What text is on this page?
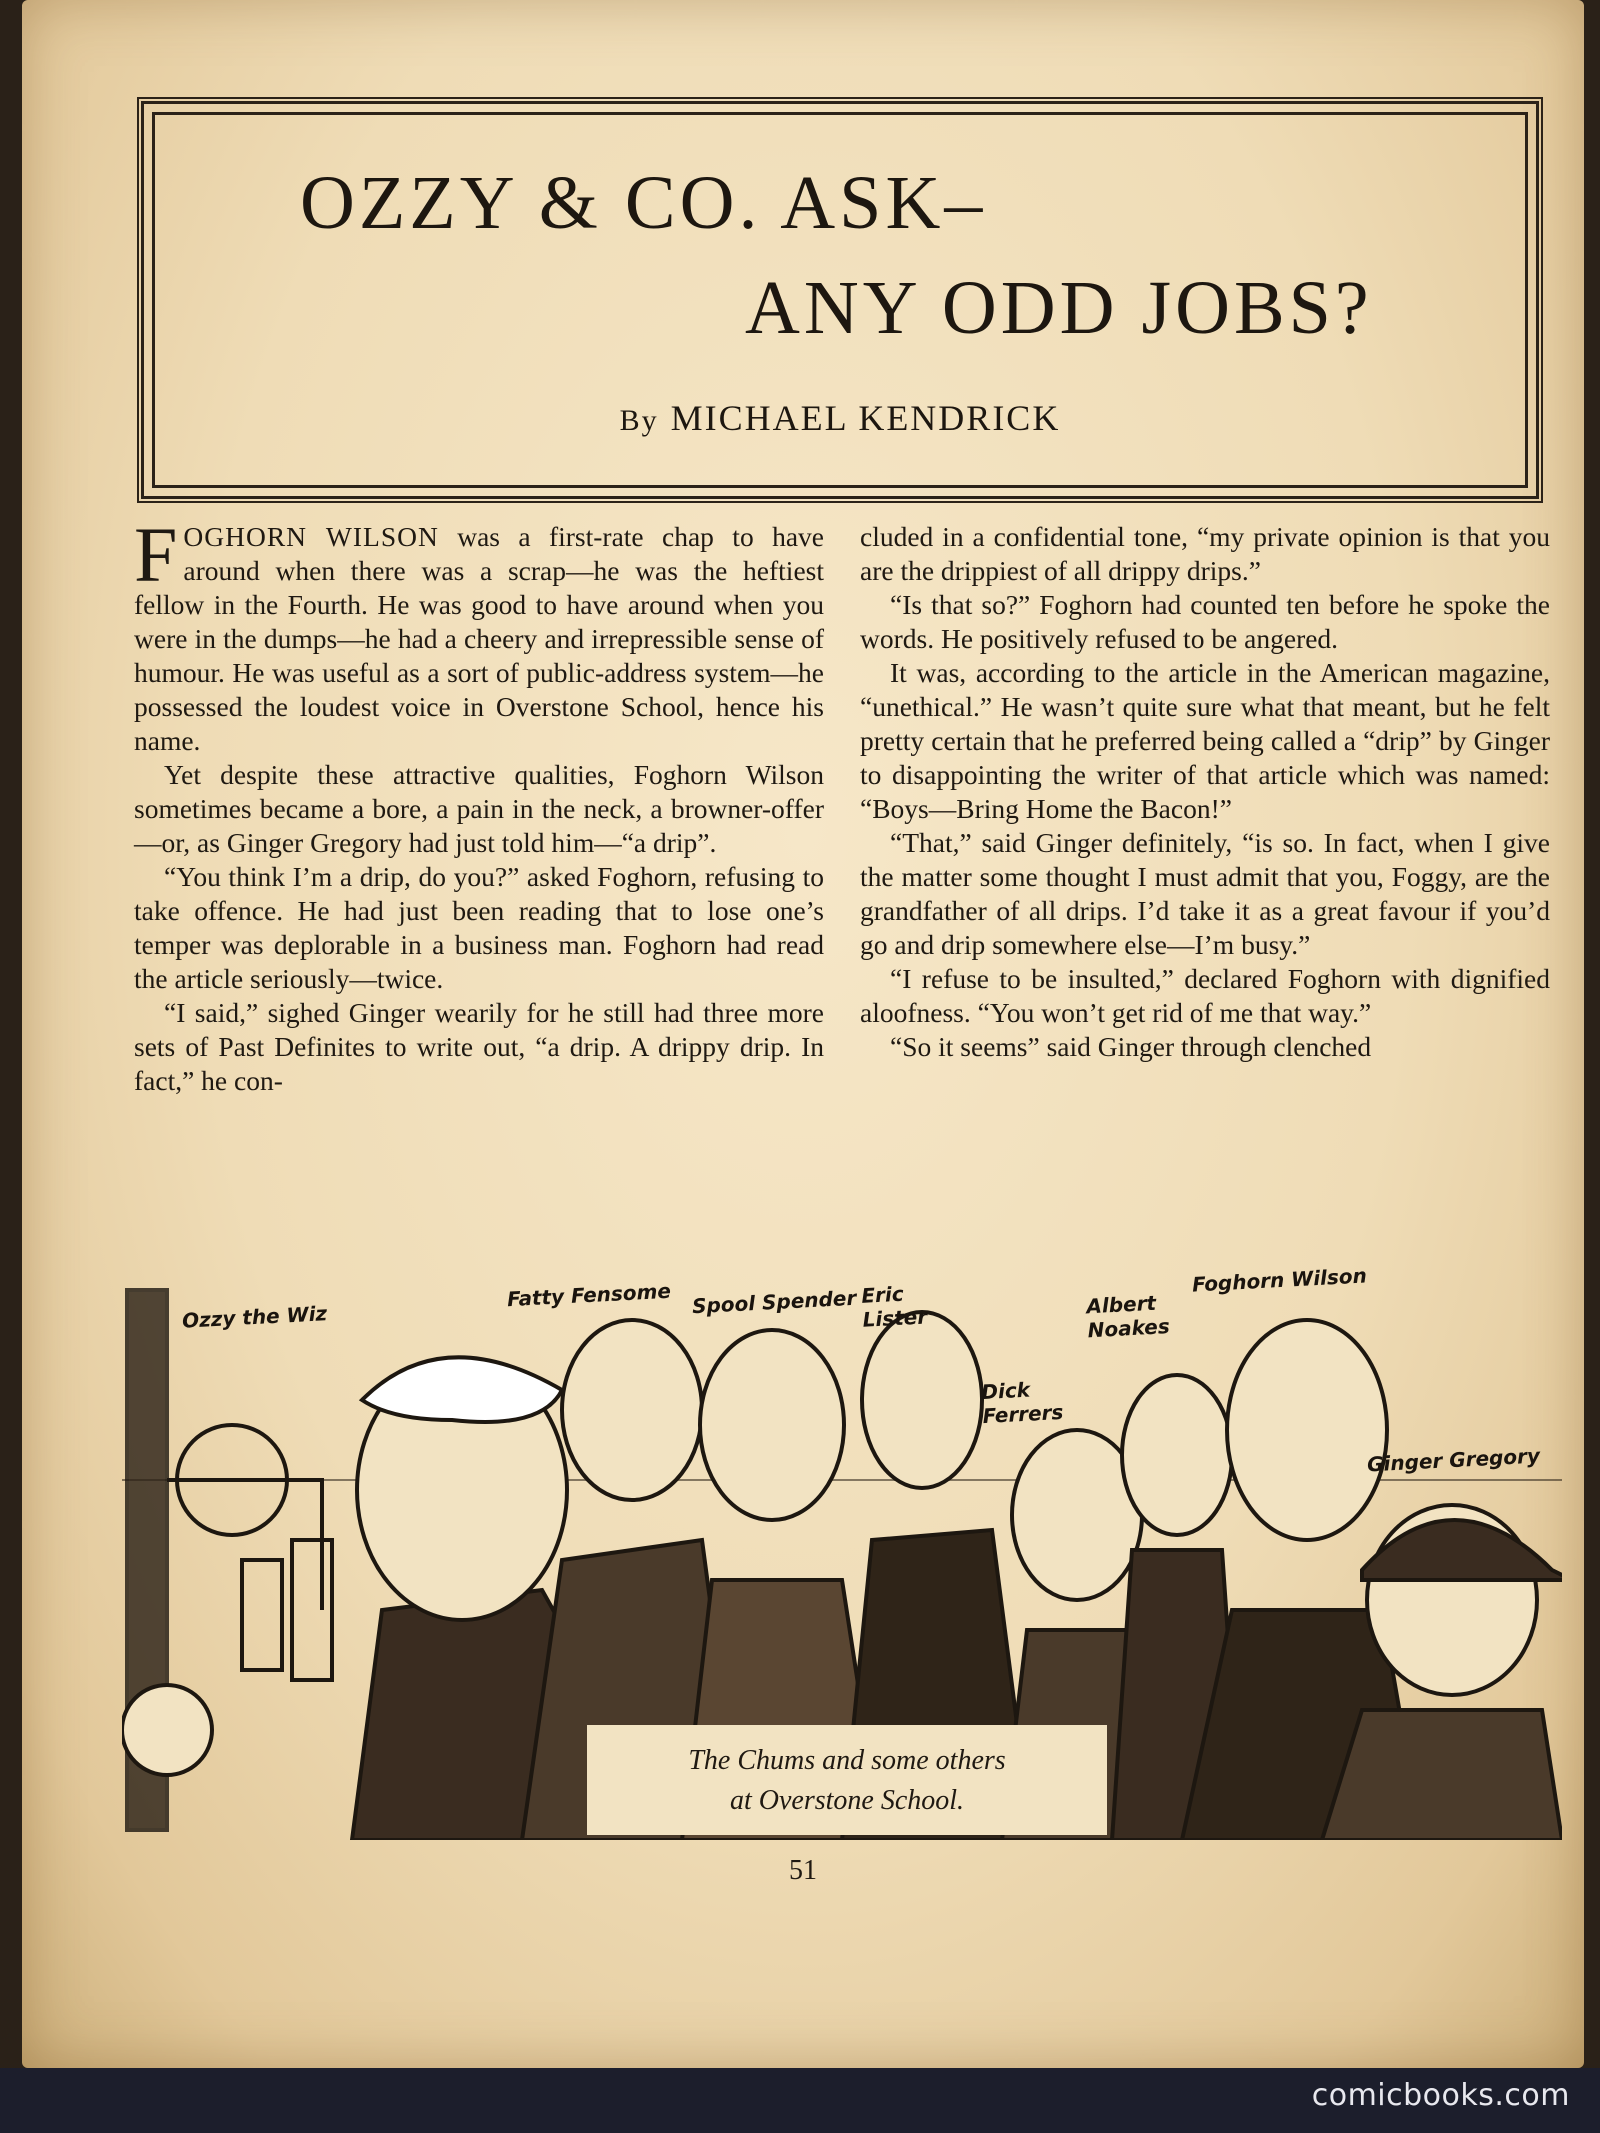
OZZY & CO. ASK–
ANY ODD JOBS?
By MICHAEL KENDRICK

FOGHORN WILSON was a first-rate chap to have around when there was a scrap—he was the heftiest fellow in the Fourth. He was good to have around when you were in the dumps—he had a cheery and irrepressible sense of humour. He was useful as a sort of public-address system—he possessed the loudest voice in Overstone School, hence his name.

Yet despite these attractive qualities, Foghorn Wilson sometimes became a bore, a pain in the neck, a browner-offer—or, as Ginger Gregory had just told him—“a drip”.

“You think I’m a drip, do you?” asked Foghorn, refusing to take offence. He had just been reading that to lose one’s temper was deplorable in a business man. Foghorn had read the article seriously—twice.

“I said,” sighed Ginger wearily for he still had three more sets of Past Definites to write out, “a drip. A drippy drip. In fact,” he con-

cluded in a confidential tone, “my private opinion is that you are the drippiest of all drippy drips.”

“Is that so?” Foghorn had counted ten before he spoke the words. He positively refused to be angered.

It was, according to the article in the American magazine, “unethical.” He wasn’t quite sure what that meant, but he felt pretty certain that he preferred being called a “drip” by Ginger to disappointing the writer of that article which was named: “Boys—Bring Home the Bacon!”

“That,” said Ginger definitely, “is so. In fact, when I give the matter some thought I must admit that you, Foggy, are the grandfather of all drips. I’d take it as a great favour if you’d go and drip somewhere else—I’m busy.”

“I refuse to be insulted,” declared Foghorn with dignified aloofness. “You won’t get rid of me that way.”

“So it seems” said Ginger through clenched

Ozzy the Wiz
Fatty Fensome Spool Spender Eric Lister
Dick Ferrers
Albert Noakes
Foghorn Wilson
Ginger Gregory
The Chums and some others
at Overstone School.
51
comicbooks.com
